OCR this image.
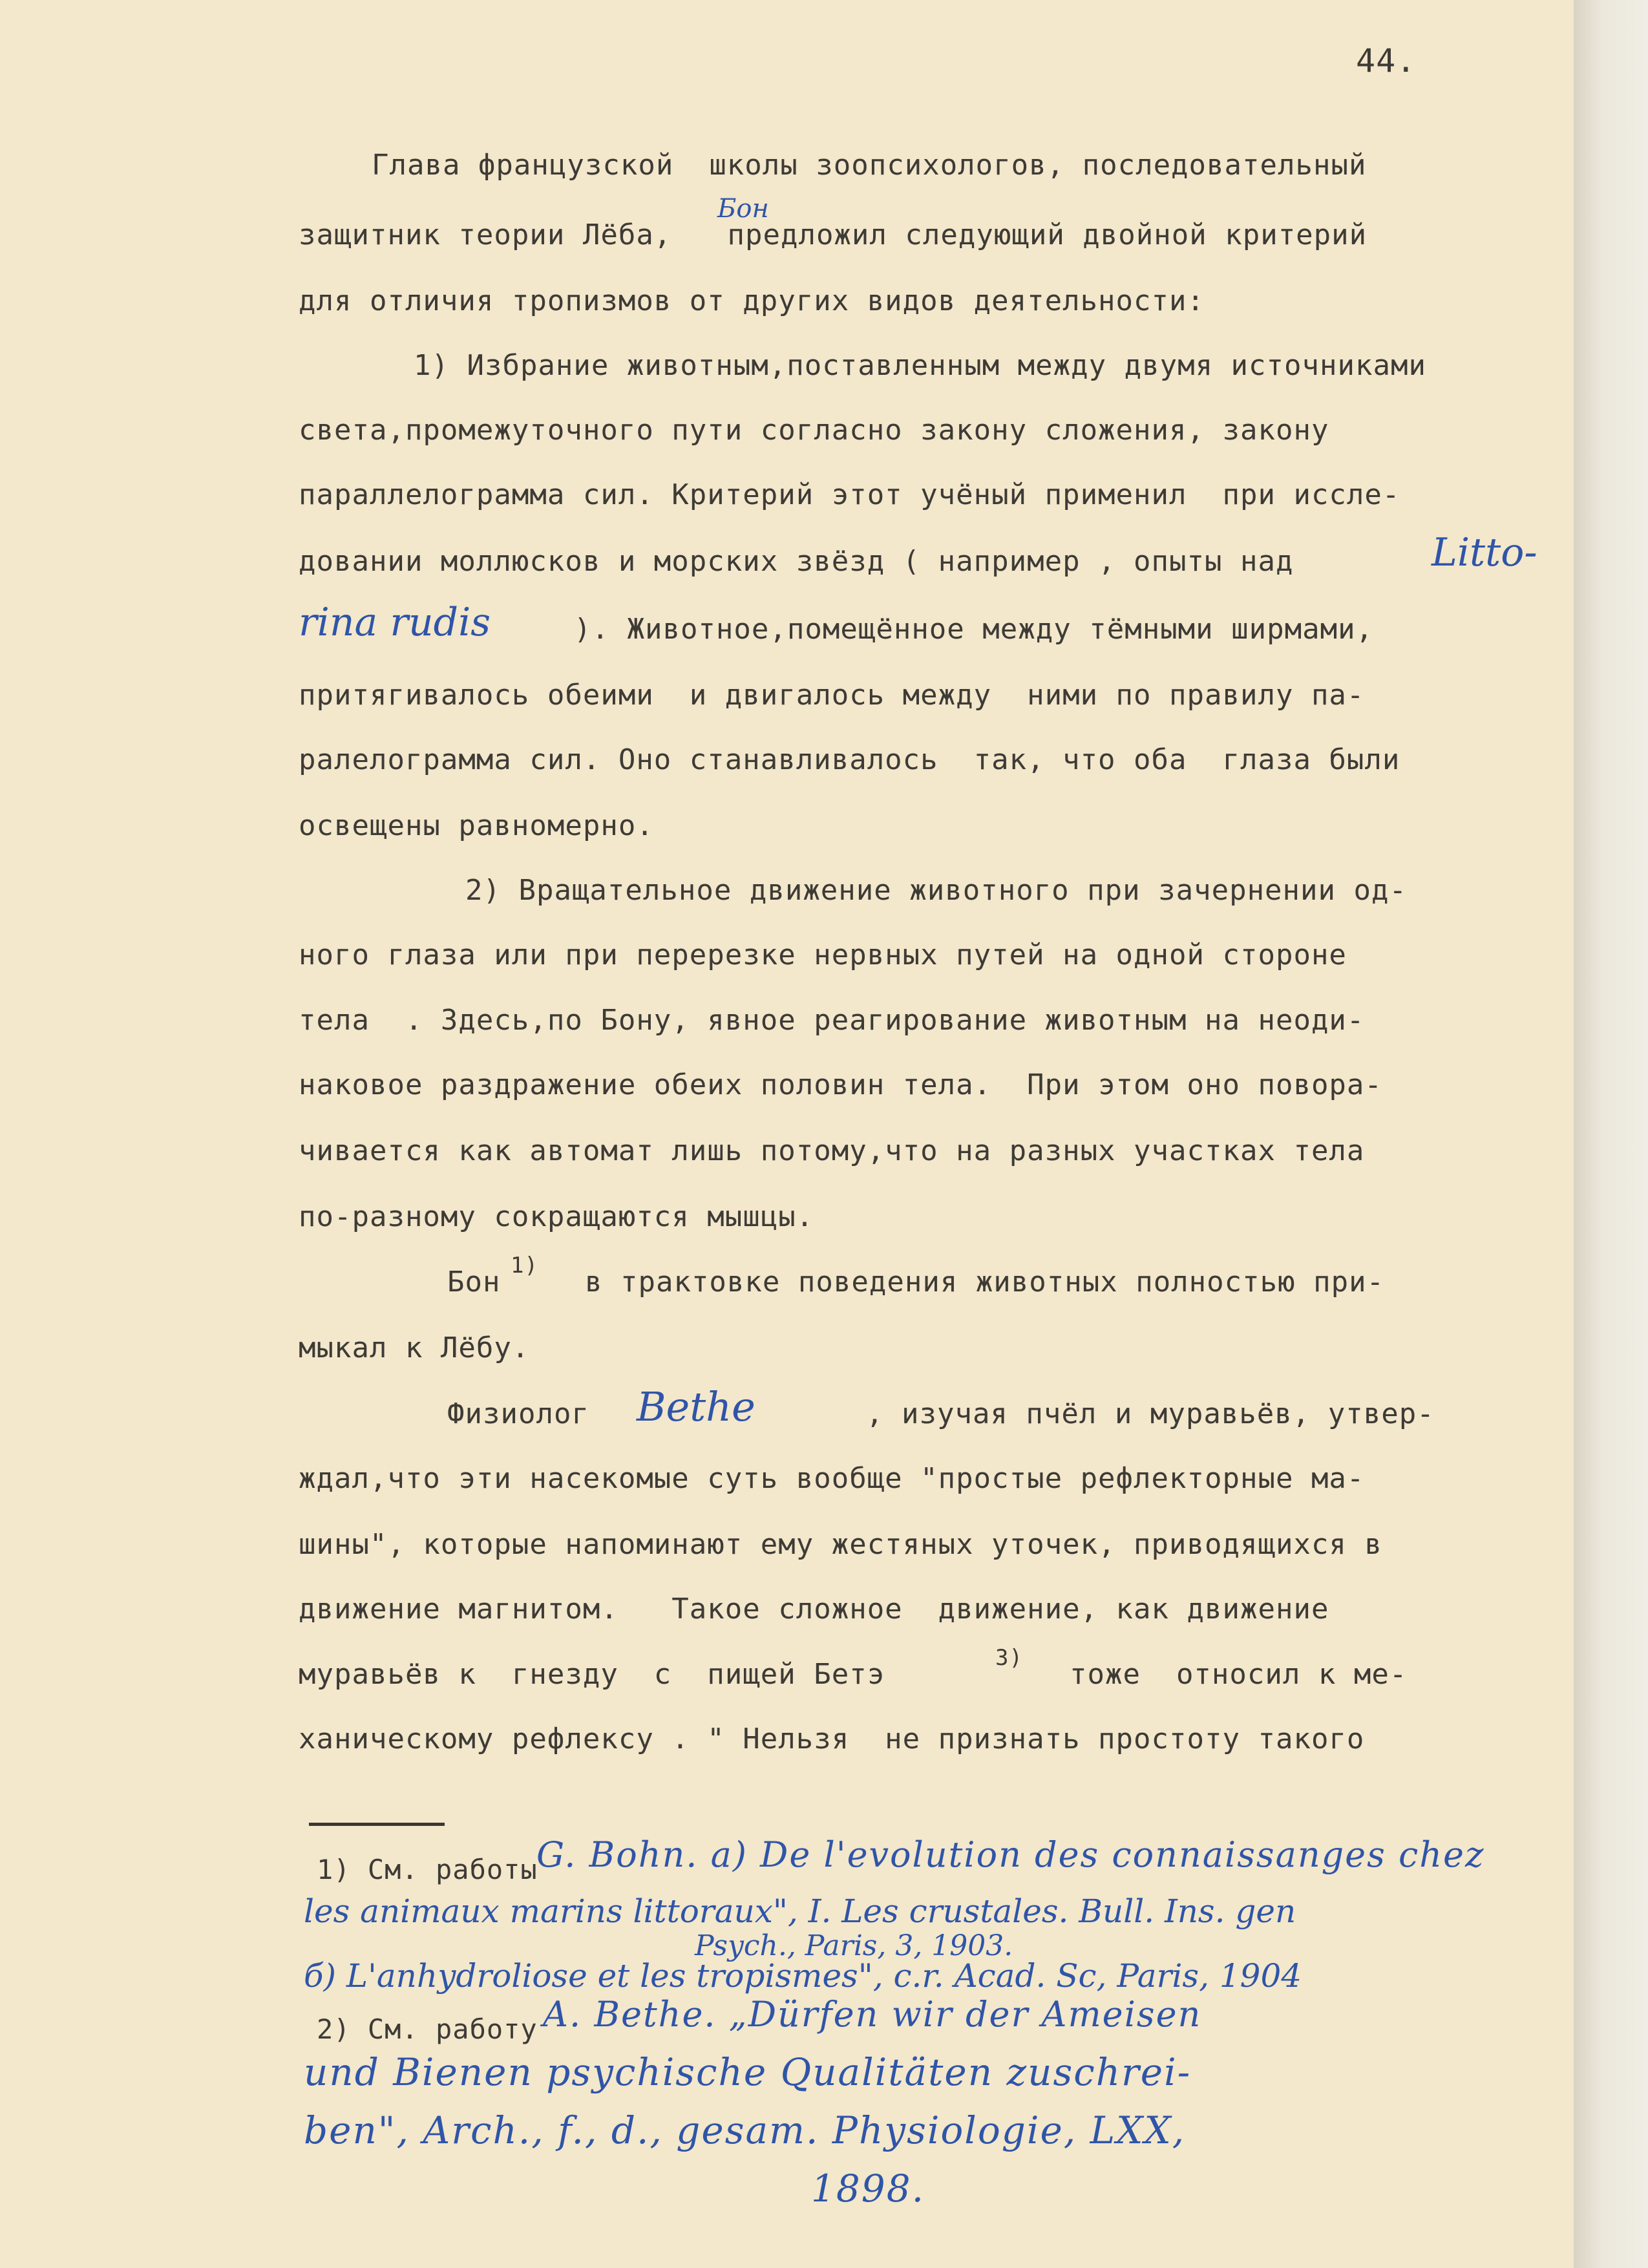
44.
Глава французской  школы зоопсихологов, последовательный
Бон
защитник теории Лёба, предложил следующий двойной критерий
для отличия тропизмов от других видов деятельности:
1) Избрание животным,поставленным между двумя источниками
света,промежуточного пути согласно закону сложения, закону
параллелограмма сил. Критерий этот учёный применил  при иссле-
довании моллюсков и морских звёзд ( например , опыты над	Litto-
rina rudis	). Животное,помещённое между тёмными ширмами,
притягивалось обеими  и двигалось между  ними по правилу па-
ралелограмма сил. Оно станавливалось  так, что оба  глаза были
освещены равномерно.
2) Вращательное движение животного при зачернении од-
ного глаза или при перерезке нервных путей на одной стороне
тела  . Здесь,по Бону, явное реагирование животным на неоди-
наковое раздражение обеих половин тела.  При этом оно повора-
чивается как автомат лишь потому,что на разных участках тела
по-разному сокращаются мышцы.
Бон 1) в трактовке поведения животных полностью при-
мыкал к Лёбу.
Физиолог Bethe	, изучая пчёл и муравьёв, утвер-
ждал,что эти насекомые суть вообще "простые рефлекторные ма-
шины", которые напоминают ему жестяных уточек, приводящихся в
движение магнитом.   Такое сложное  движение, как движение
муравьёв к  гнезду  с  пищей Бетэ	3) тоже  относил к ме-
ханическому рефлексу . " Нельзя  не признать простоту такого
1) См. работы
G. Bohn. a) De l'evolution des connaissanges chez
les animaux marins littoraux", I. Les crustales. Bull. Ins. gen
Psych., Paris, 3, 1903.
б) L'anhydroliose et les tropismes", c.r. Acad. Sc, Paris, 1904
2) См. работу A. Bethe. „Dürfen wir der Ameisen
und Bienen psychische Qualitäten zuschrei-
ben", Arch., f., d., gesam. Physiologie, LXX,
1898.
